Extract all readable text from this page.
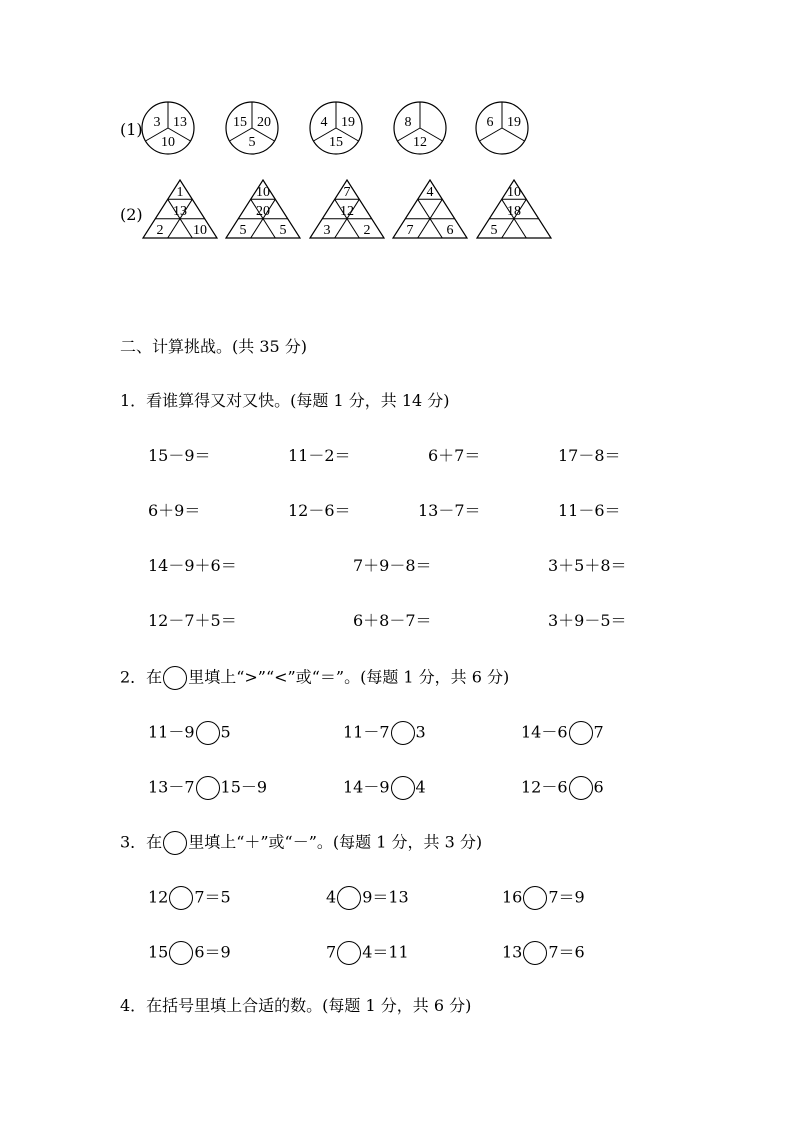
(1)
(2)
3 13
10
15 20
5
4 19
15
8
12
6 19
1
13
2 10
10
20
5 5
7
12
3 2
4
7 6
10
18
5
二、计算挑战。(共 35 分)
1．看谁算得又对又快。(每题 1 分，共 14 分)
15－9＝	11－2＝	6＋7＝	17－8＝
6＋9＝	12－6＝	13－7＝	11－6＝
14－9＋6＝	7＋9－8＝	3＋5＋8＝
12－7＋5＝	6＋8－7＝	3＋9－5＝
2．在 里填上“>”“<”或“＝”。(每题 1 分，共 6 分)
11－9 5	11－7 3	14－6 7
13－7 15－9	14－9 4	12－6 6
3．在 里填上“＋”或“－”。(每题 1 分，共 3 分)
12 7＝5	4 9＝13	16 7＝9
15 6＝9	7 4＝11	13 7＝6
4．在括号里填上合适的数。(每题 1 分，共 6 分)
